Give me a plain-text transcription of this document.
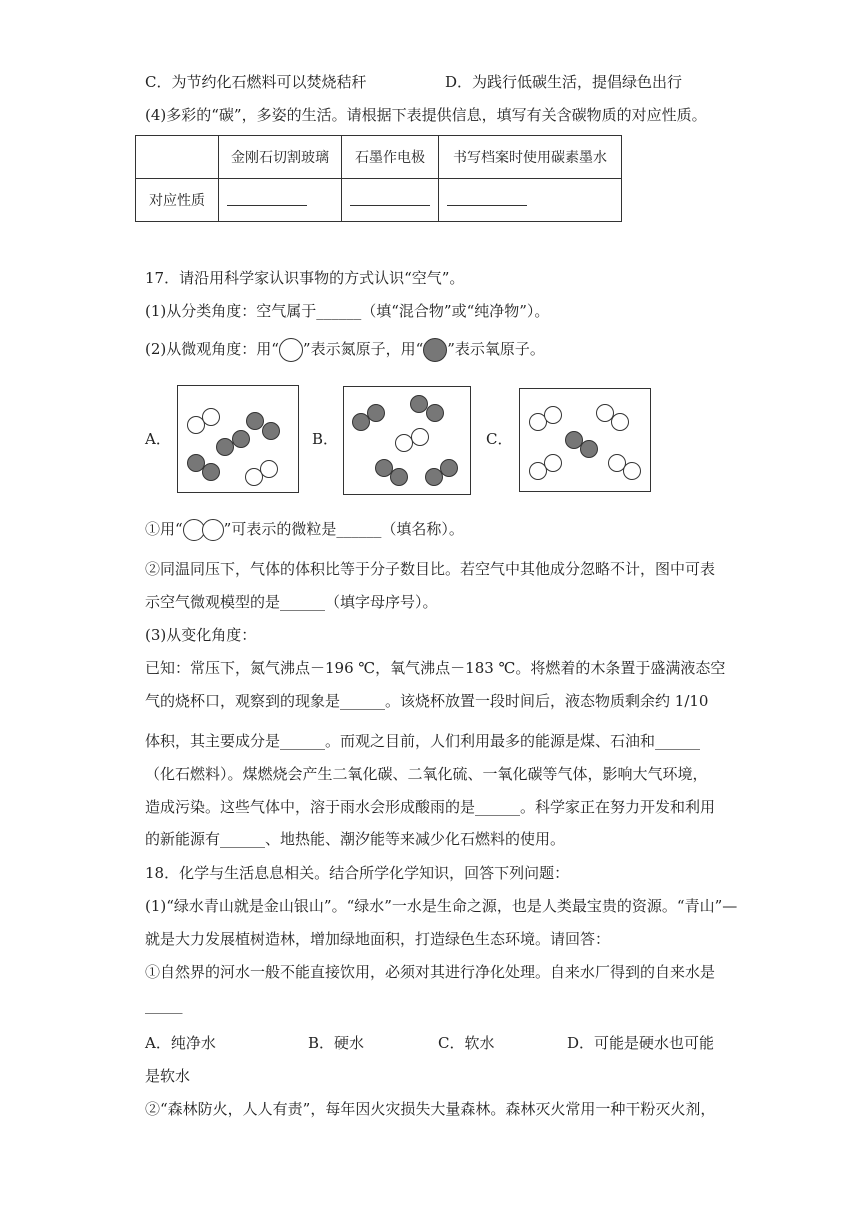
C．为节约化石燃料可以焚烧秸秆	D．为践行低碳生活，提倡绿色出行
(4)多彩的“碳”，多姿的生活。请根据下表提供信息，填写有关含碳物质的对应性质。
	金刚石切割玻璃	石墨作电极	书写档案时使用碳素墨水
对应性质			
17．请沿用科学家认识事物的方式认识“空气”。
(1)从分类角度：空气属于______（填“混合物”或“纯净物”）。
(2)从微观角度：用“ ”表示氮原子，用“ ”表示氧原子。
A．	B．	C．
①用“	”可表示的微粒是______（填名称）。
②同温同压下，气体的体积比等于分子数目比。若空气中其他成分忽略不计，图中可表
示空气微观模型的是______（填字母序号）。
(3)从变化角度：
已知：常压下，氮气沸点－196 ℃，氧气沸点－183 ℃。将燃着的木条置于盛满液态空
气的烧杯口，观察到的现象是______。该烧杯放置一段时间后，液态物质剩余约 1/10
体积，其主要成分是______。而观之目前，人们利用最多的能源是煤、石油和______
（化石燃料）。煤燃烧会产生二氧化碳、二氧化硫、一氧化碳等气体，影响大气环境，
造成污染。这些气体中，溶于雨水会形成酸雨的是______。科学家正在努力开发和利用
的新能源有______、地热能、潮汐能等来减少化石燃料的使用。
18．化学与生活息息相关。结合所学化学知识，回答下列问题：
(1)“绿水青山就是金山银山”。“绿水”一水是生命之源，也是人类最宝贵的资源。“青山”—
就是大力发展植树造林，增加绿地面积，打造绿色生态环境。请回答：
①自然界的河水一般不能直接饮用，必须对其进行净化处理。自来水厂得到的自来水是
_____
A．纯净水	B．硬水	C．软水	D．可能是硬水也可能
是软水
②“森林防火，人人有责”，每年因火灾损失大量森林。森林灭火常用一种干粉灭火剂，
